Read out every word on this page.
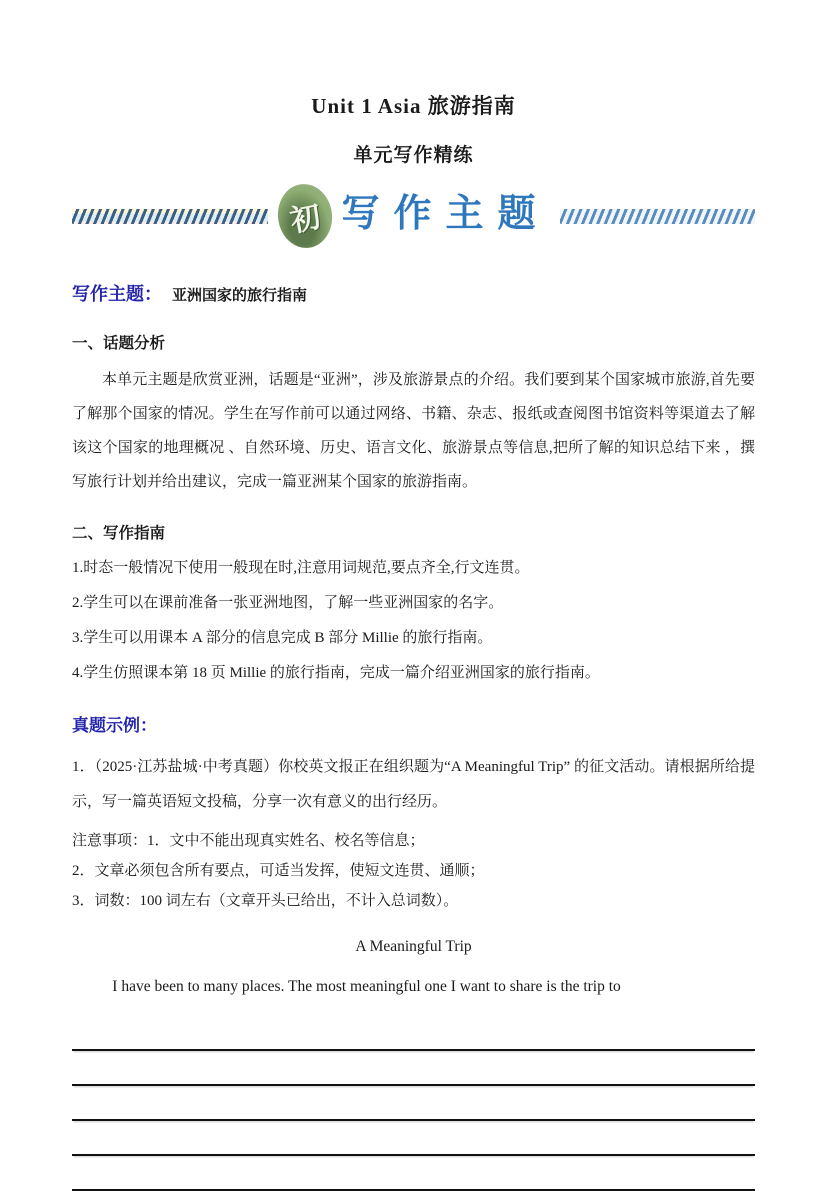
Unit 1 Asia 旅游指南
单元写作精练
初 写作主题
写作主题： 亚洲国家的旅行指南
一、话题分析

本单元主题是欣赏亚洲，话题是“亚洲”，涉及旅游景点的介绍。我们要到某个国家城市旅游,首先要了解那个国家的情况。学生在写作前可以通过网络、书籍、杂志、报纸或查阅图书馆资料等渠道去了解该这个国家的地理概况 、自然环境、历史、语言文化、旅游景点等信息,把所了解的知识总结下来 ，撰写旅行计划并给出建议，完成一篇亚洲某个国家的旅游指南。

二、写作指南

1.时态一般情况下使用一般现在时,注意用词规范,要点齐全,行文连贯。

2.学生可以在课前准备一张亚洲地图，了解一些亚洲国家的名字。

3.学生可以用课本 A 部分的信息完成 B 部分 Millie 的旅行指南。

4.学生仿照课本第 18 页 Millie 的旅行指南，完成一篇介绍亚洲国家的旅行指南。

真题示例：

1．（2025·江苏盐城·中考真题）你校英文报正在组织题为“A Meaningful Trip” 的征文活动。请根据所给提示，写一篇英语短文投稿，分享一次有意义的出行经历。

注意事项：1．文中不能出现真实姓名、校名等信息；

2．文章必须包含所有要点，可适当发挥，使短文连贯、通顺；

3．词数：100 词左右（文章开头已给出，不计入总词数）。

A Meaningful Trip

I have been to many places. The most meaningful one I want to share is the trip to
